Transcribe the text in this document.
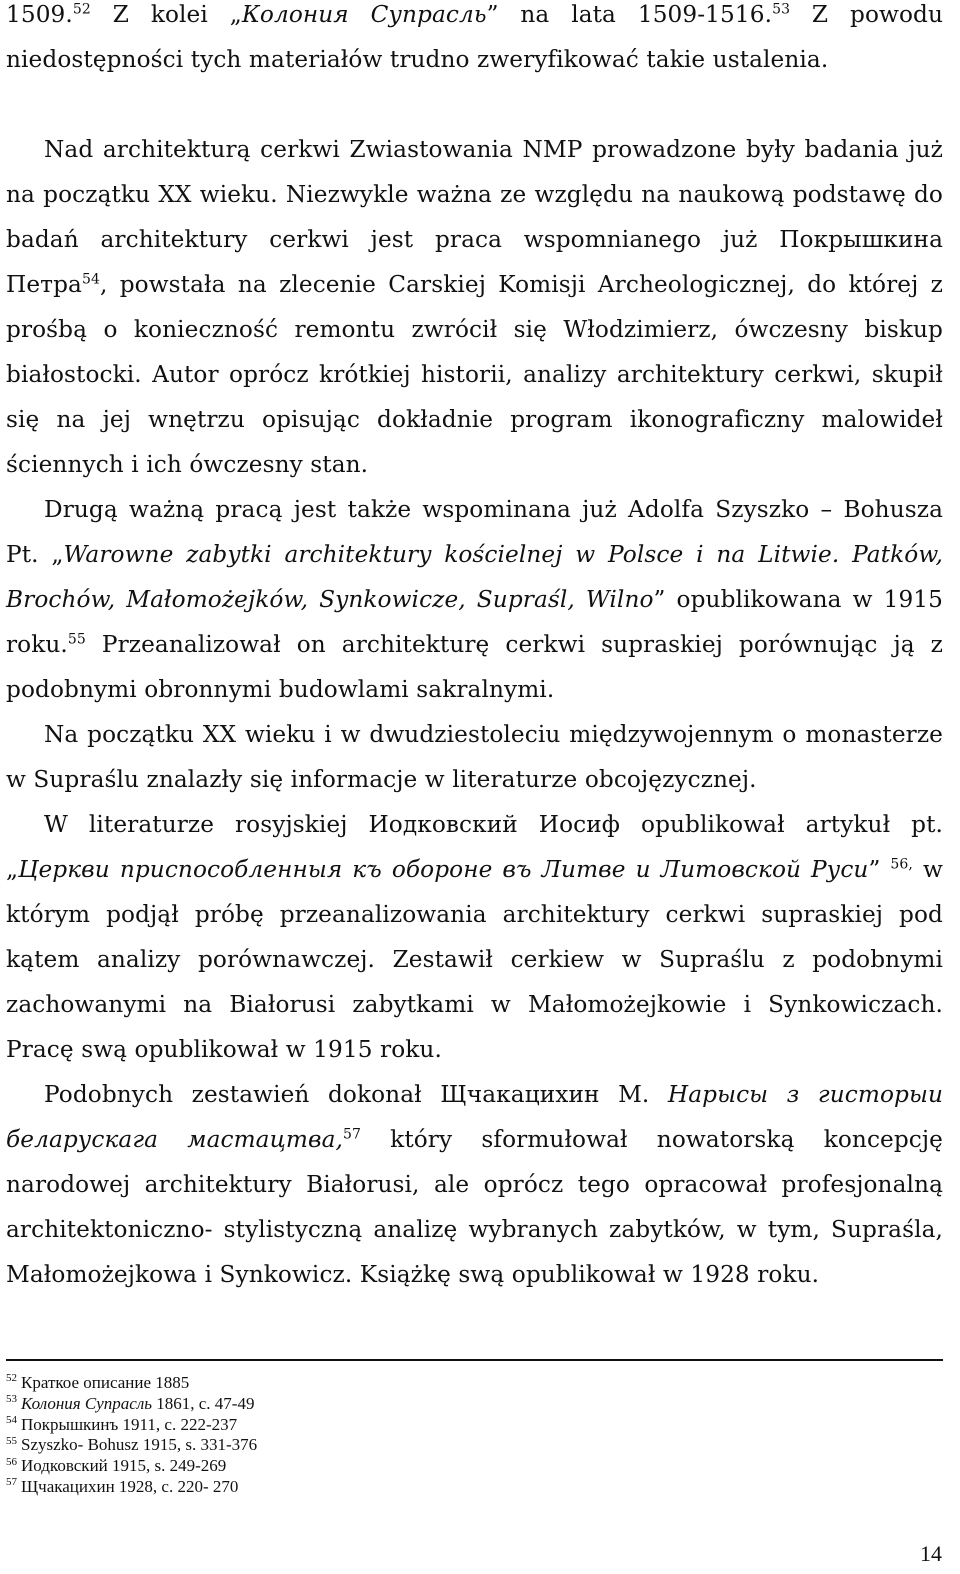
1509.52 Z kolei „Колония Супрасль” na lata 1509-1516.53 Z powodu niedostępności tych materiałów trudno zweryfikować takie ustalenia.

Nad architekturą cerkwi Zwiastowania NMP prowadzone były badania już na początku XX wieku. Niezwykle ważna ze względu na naukową podstawę do badań architektury cerkwi jest praca wspomnianego już Покрышкина Петра$^{54}$, powstała na zlecenie Carskiej Komisji Archeologicznej, do której z prośbą o konieczność remontu zwrócił się Włodzimierz, ówczesny biskup białostocki. Autor oprócz krótkiej historii, analizy architektury cerkwi, skupił się na jej wnętrzu opisując dokładnie program ikonograficzny malowideł ściennych i ich ówczesny stan.

Drugą ważną pracą jest także wspominana już Adolfa Szyszko – Bohusza Pt. „Warowne zabytki architektury kościelnej w Polsce i na Litwie. Patków, Brochów, Małomożejków, Synkowicze, Supraśl, Wilno” opublikowana w 1915 roku.$^{55}$ Przeanalizował on architekturę cerkwi supraskiej porównując ją z podobnymi obronnymi budowlami sakralnymi.

Na początku XX wieku i w dwudziestoleciu międzywojennym o monasterze w Supraślu znalazły się informacje w literaturze obcojęzycznej.

W literaturze rosyjskiej Иодковский Иосиф opublikował artykuł pt. „Церкви приспособленныя къ обороне въ Литве и Литовской Руси” $^{56,}$ w którym podjął próbę przeanalizowania architektury cerkwi supraskiej pod kątem analizy porównawczej. Zestawił cerkiew w Supraślu z podobnymi zachowanymi na Białorusi zabytkami w Małomożejkowie i Synkowiczach. Pracę swą opublikował w 1915 roku.

Podobnych zestawień dokonał Щчакацихин М. Нарысы з гисторыи беларускага мастацтва,$^{57}$ który sformułował nowatorską koncepcję narodowej architektury Białorusi, ale oprócz tego opracował profesjonalną architektoniczno- stylistyczną analizę wybranych zabytków, w tym, Supraśla, Małomożejkowa i Synkowicz. Książkę swą opublikował w 1928 roku.

$^{52}$ Краткое описание 1885
$^{53}$ Колония Супрасль 1861, с. 47-49
$^{54}$ Покрышкинъ 1911, с. 222-237
$^{55}$ Szyszko- Bohusz 1915, s. 331-376
$^{56}$ Иодковский 1915, s. 249-269
$^{57}$ Щчакацихин 1928, с. 220- 270
14
